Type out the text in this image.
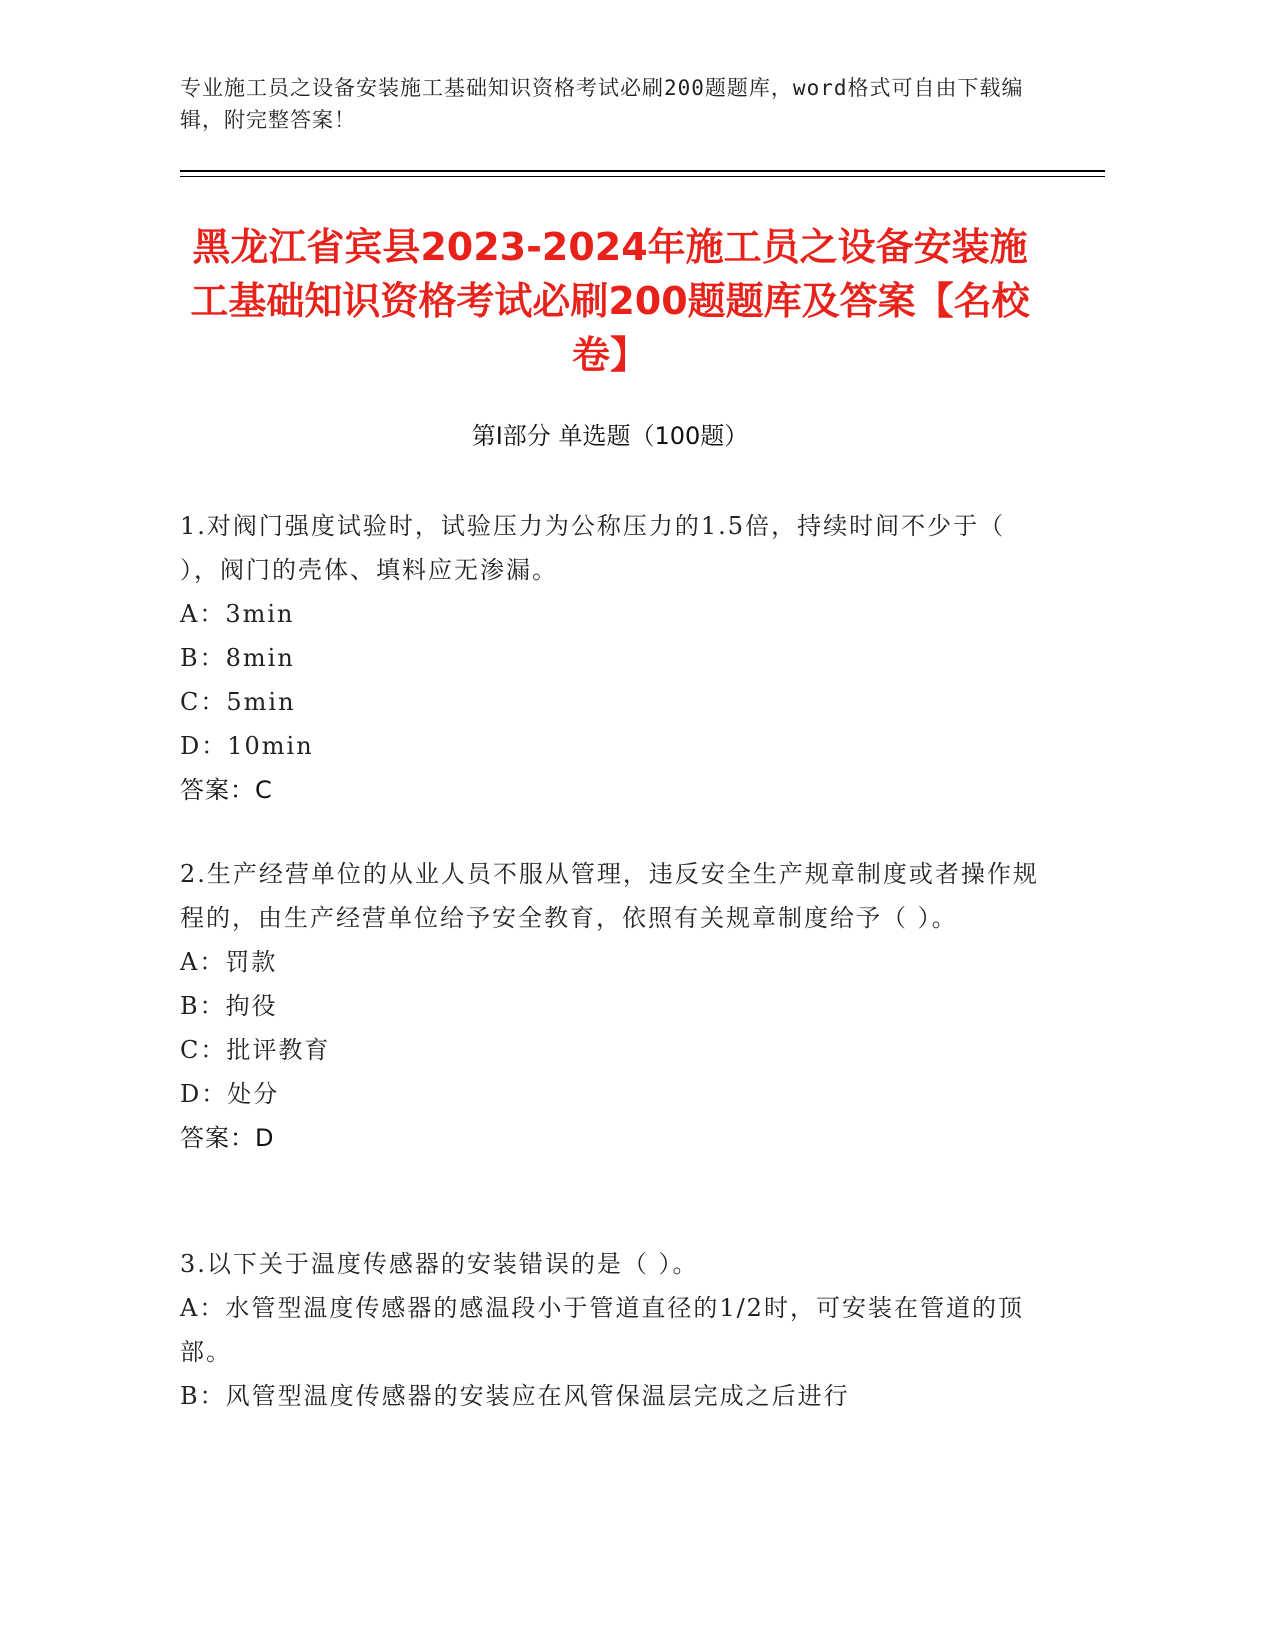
专业施工员之设备安装施工基础知识资格考试必刷200题题库，word格式可自由下载编辑，附完整答案！
黑龙江省宾县2023-2024年施工员之设备安装施工基础知识资格考试必刷200题题库及答案【名校卷】
第Ⅰ部分 单选题（100题）

1.对阀门强度试验时，试验压力为公称压力的1.5倍，持续时间不少于（ ），阀门的壳体、填料应无渗漏。

A：3min

B：8min

C：5min

D：10min

答案：C

2.生产经营单位的从业人员不服从管理，违反安全生产规章制度或者操作规程的，由生产经营单位给予安全教育，依照有关规章制度给予（ ）。

A：罚款

B：拘役

C：批评教育

D：处分

答案：D

3.以下关于温度传感器的安装错误的是（ ）。

A：水管型温度传感器的感温段小于管道直径的1/2时，可安装在管道的顶部。

B：风管型温度传感器的安装应在风管保温层完成之后进行
